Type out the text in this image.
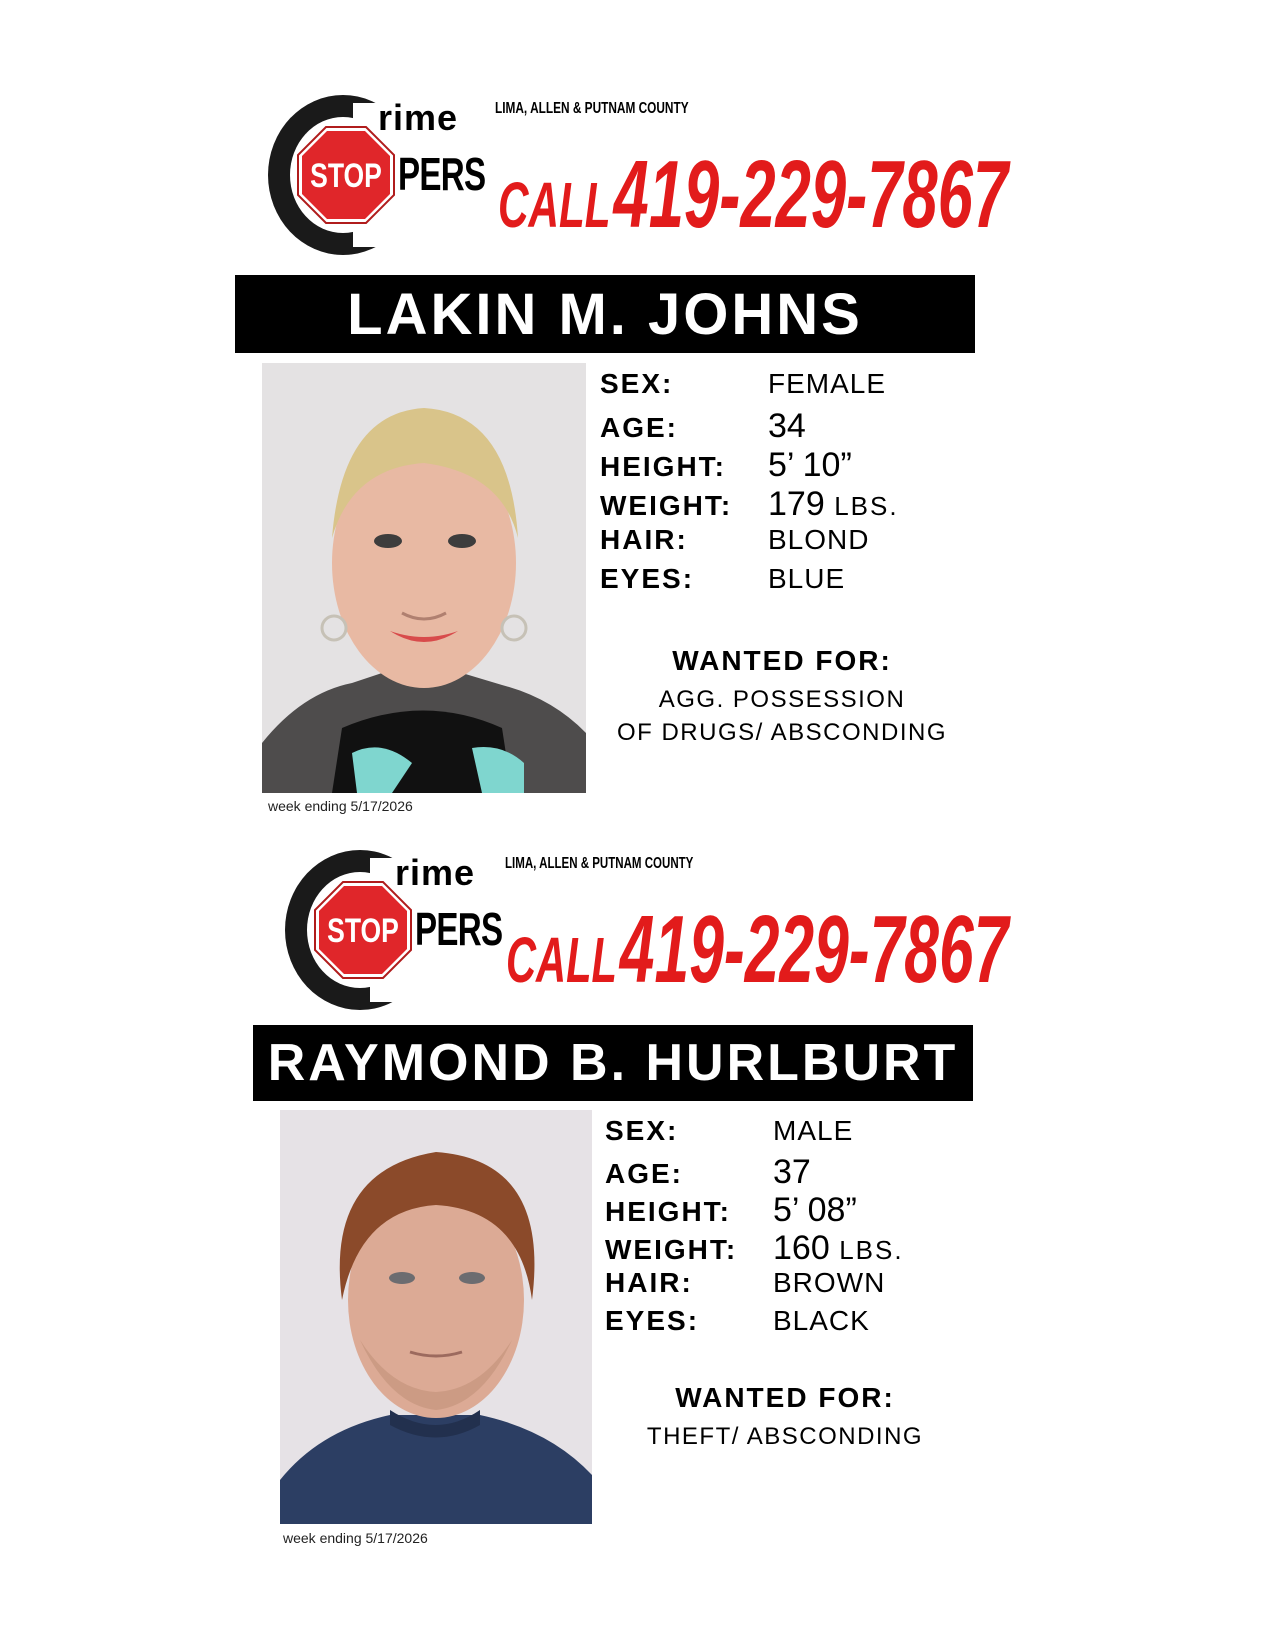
rime
STOP PERS
LIMA, ALLEN & PUTNAM COUNTY
CALL 419-229-7867
LAKIN M. JOHNS
week ending 5/17/2026
SEX:	FEMALE
AGE:	34
HEIGHT:	5’ 10”
WEIGHT:	179 LBS.
HAIR:	BLOND
EYES:	BLUE
WANTED FOR:
AGG. POSSESSION
OF DRUGS/ ABSCONDING
rime
STOP PERS
LIMA, ALLEN & PUTNAM COUNTY
CALL 419-229-7867
RAYMOND B. HURLBURT
week ending 5/17/2026
SEX:	MALE
AGE:	37
HEIGHT:	5’ 08”
WEIGHT:	160 LBS.
HAIR:	BROWN
EYES:	BLACK
WANTED FOR:
THEFT/ ABSCONDING
